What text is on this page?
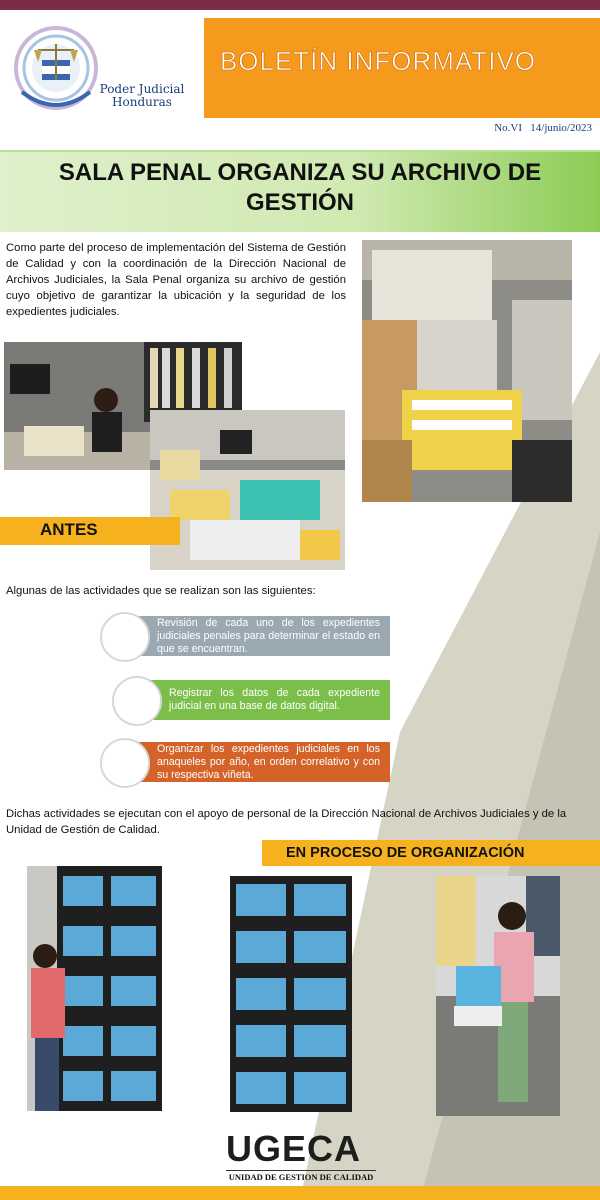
Poder Judicial
Honduras
BOLETÍN INFORMATIVO
No.VI 14/junio/2023
SALA PENAL ORGANIZA SU ARCHIVO DE GESTIÓN
Como parte del proceso de implementación del Sistema de Gestión de Calidad y con la coordinación de la Dirección Nacional de Archivos Judiciales, la Sala Penal organiza su archivo de gestión cuyo objetivo de garantizar la ubicación y la seguridad de los expedientes judiciales.
ANTES
Algunas de las actividades que se realizan son las siguientes:
Revisión de cada uno de los expedientes judiciales penales para determinar el estado en que se encuentran.
Registrar los datos de cada expediente judicial en una base de datos digital.
Organizar los expedientes judiciales en los anaqueles por año, en orden correlativo y con su respectiva viñeta.
Dichas actividades se ejecutan con el apoyo de personal de la Dirección Nacional de Archivos Judiciales y de la Unidad de Gestión de Calidad.
EN PROCESO DE ORGANIZACIÓN
UGECA
UNIDAD DE GESTION DE CALIDAD
